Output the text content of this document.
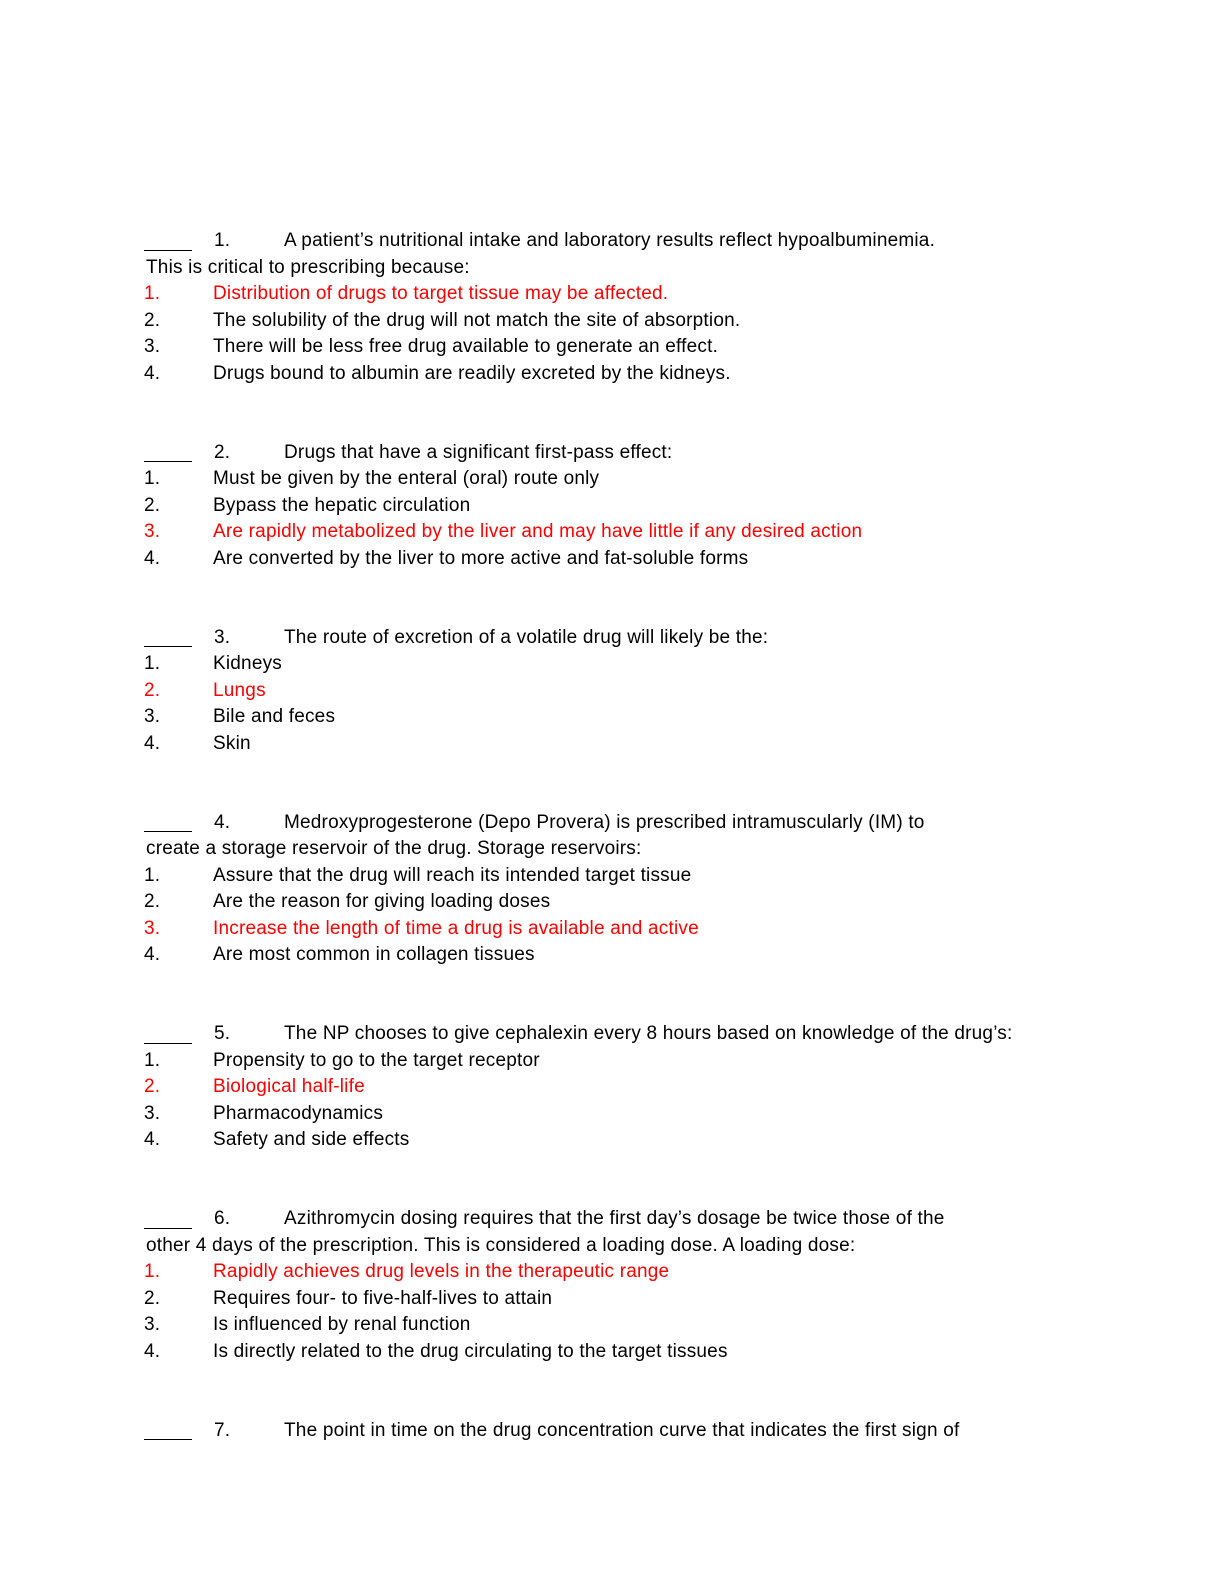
1.	A patient’s nutritional intake and laboratory results reflect hypoalbuminemia.
This is critical to prescribing because:
1.	Distribution of drugs to target tissue may be affected.
2.	The solubility of the drug will not match the site of absorption.
3.	There will be less free drug available to generate an effect.
4.	Drugs bound to albumin are readily excreted by the kidneys.
2.	Drugs that have a significant first-pass effect:
1.	Must be given by the enteral (oral) route only
2.	Bypass the hepatic circulation
3.	Are rapidly metabolized by the liver and may have little if any desired action
4.	Are converted by the liver to more active and fat-soluble forms
3.	The route of excretion of a volatile drug will likely be the:
1.	Kidneys
2.	Lungs
3.	Bile and feces
4.	Skin
4.	Medroxyprogesterone (Depo Provera) is prescribed intramuscularly (IM) to
create a storage reservoir of the drug. Storage reservoirs:
1.	Assure that the drug will reach its intended target tissue
2.	Are the reason for giving loading doses
3.	Increase the length of time a drug is available and active
4.	Are most common in collagen tissues
5.	The NP chooses to give cephalexin every 8 hours based on knowledge of the drug’s:
1.	Propensity to go to the target receptor
2.	Biological half-life
3.	Pharmacodynamics
4.	Safety and side effects
6.	Azithromycin dosing requires that the first day’s dosage be twice those of the
other 4 days of the prescription. This is considered a loading dose. A loading dose:
1.	Rapidly achieves drug levels in the therapeutic range
2.	Requires four- to five-half-lives to attain
3.	Is influenced by renal function
4.	Is directly related to the drug circulating to the target tissues
7.	The point in time on the drug concentration curve that indicates the first sign of
